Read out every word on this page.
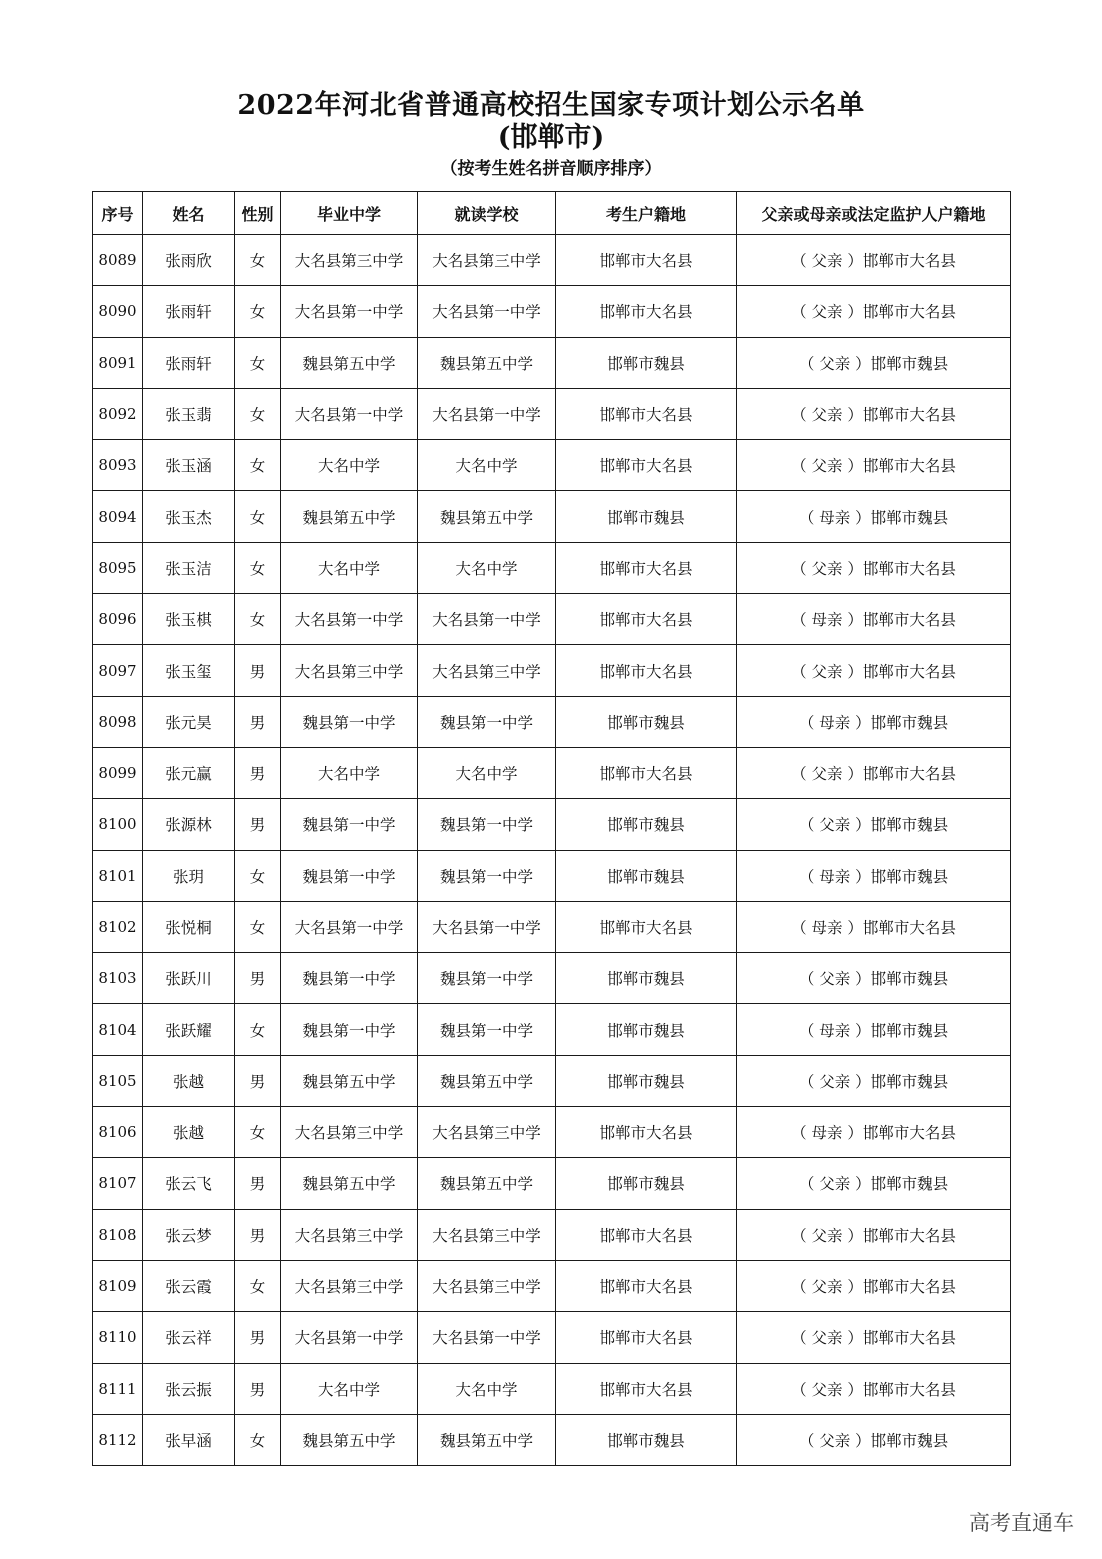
2022年河北省普通高校招生国家专项计划公示名单
(邯郸市)
（按考生姓名拼音顺序排序）
序号	姓名	性别	毕业中学	就读学校	考生户籍地	父亲或母亲或法定监护人户籍地
8089	张雨欣	女	大名县第三中学	大名县第三中学	邯郸市大名县	（ 父亲 ）邯郸市大名县
8090	张雨轩	女	大名县第一中学	大名县第一中学	邯郸市大名县	（ 父亲 ）邯郸市大名县
8091	张雨轩	女	魏县第五中学	魏县第五中学	邯郸市魏县	（ 父亲 ）邯郸市魏县
8092	张玉翡	女	大名县第一中学	大名县第一中学	邯郸市大名县	（ 父亲 ）邯郸市大名县
8093	张玉涵	女	大名中学	大名中学	邯郸市大名县	（ 父亲 ）邯郸市大名县
8094	张玉杰	女	魏县第五中学	魏县第五中学	邯郸市魏县	（ 母亲 ）邯郸市魏县
8095	张玉洁	女	大名中学	大名中学	邯郸市大名县	（ 父亲 ）邯郸市大名县
8096	张玉棋	女	大名县第一中学	大名县第一中学	邯郸市大名县	（ 母亲 ）邯郸市大名县
8097	张玉玺	男	大名县第三中学	大名县第三中学	邯郸市大名县	（ 父亲 ）邯郸市大名县
8098	张元昊	男	魏县第一中学	魏县第一中学	邯郸市魏县	（ 母亲 ）邯郸市魏县
8099	张元赢	男	大名中学	大名中学	邯郸市大名县	（ 父亲 ）邯郸市大名县
8100	张源林	男	魏县第一中学	魏县第一中学	邯郸市魏县	（ 父亲 ）邯郸市魏县
8101	张玥	女	魏县第一中学	魏县第一中学	邯郸市魏县	（ 母亲 ）邯郸市魏县
8102	张悦桐	女	大名县第一中学	大名县第一中学	邯郸市大名县	（ 母亲 ）邯郸市大名县
8103	张跃川	男	魏县第一中学	魏县第一中学	邯郸市魏县	（ 父亲 ）邯郸市魏县
8104	张跃耀	女	魏县第一中学	魏县第一中学	邯郸市魏县	（ 母亲 ）邯郸市魏县
8105	张越	男	魏县第五中学	魏县第五中学	邯郸市魏县	（ 父亲 ）邯郸市魏县
8106	张越	女	大名县第三中学	大名县第三中学	邯郸市大名县	（ 母亲 ）邯郸市大名县
8107	张云飞	男	魏县第五中学	魏县第五中学	邯郸市魏县	（ 父亲 ）邯郸市魏县
8108	张云梦	男	大名县第三中学	大名县第三中学	邯郸市大名县	（ 父亲 ）邯郸市大名县
8109	张云霞	女	大名县第三中学	大名县第三中学	邯郸市大名县	（ 父亲 ）邯郸市大名县
8110	张云祥	男	大名县第一中学	大名县第一中学	邯郸市大名县	（ 父亲 ）邯郸市大名县
8111	张云振	男	大名中学	大名中学	邯郸市大名县	（ 父亲 ）邯郸市大名县
8112	张早涵	女	魏县第五中学	魏县第五中学	邯郸市魏县	（ 父亲 ）邯郸市魏县
高考直通车
